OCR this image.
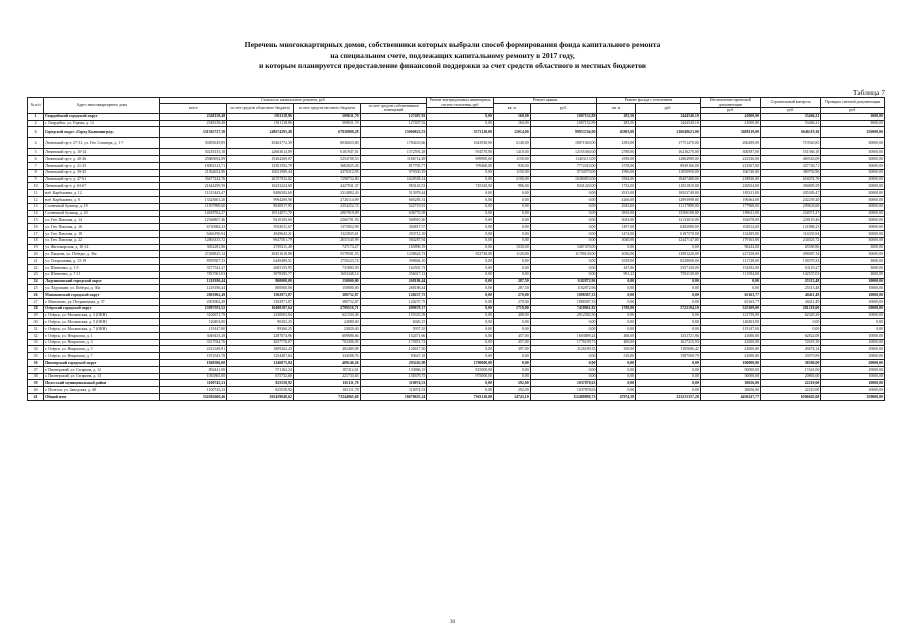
Перечень многоквартирных домов, собственники которых выбрали способ формирования фонда капитального ремонта
на специальном счете, подлежащих капитальному ремонту в 2017 году,
и которым планируется предоставление финансовой поддержки за счет средств областного и местных бюджетов
Таблица 7
№ п/п	Адрес многоквартирного дома	Стоимость капитального ремонта, руб.				Ремонт внутридомовых инженерных систем отопления, руб.	Ремонт крыши		Ремонт фасада с утеплением		Изготовление проектной документации	Строительный контроль	Проверка сметной документации
		всего	за счет средств областного бюджета	за счет средств местного бюджета	за счет средств собственников помещений		кв. м	руб.	кв. м	руб.			
											руб.	руб.	руб.
1	Гвардейский городской округ	2548158,48	1911118,86	509631,70	127407,92	0,00	160,00	1007152,89	283,50	1444540,18	41000,00	53466,21	3000,00
2	г. Гвардейск, ул. Горная, д. 12	2548158,48	1911118,86	509631,70	127407,92	0,00	160,00	1007152,89	283,50	1444540,18	41000,00	53466,21	3000,00
3	Городской округ «Город Калининград»	331565727,30	248674295,49	67830808,28	15060623,53	5573120,00	12014,00	99953746,00	45903,08	216048623,00	3688119,00	6046119,30	256000,00
4	Ленинский пр-т, 27-31, ул. Ген. Соммера, д. 1-7	39285029,85	29463772,39	8036823,80	1784433,66	1643930,00	2140,00	18871820,00	2393,00	17751470,00	266289,00	719520,85	30000,00
5	Ленинский пр-т, д. 10-14	30218153,18	22663614,89	6181947,01	1372591,28	954570,00	1410,00	12165360,00	2788,00	16216270,00	300587,00	551366,18	30000,00
6	Ленинский пр-т, д. 20-26	25685692,09	19264269,07	5254708,53	1166714,49	699900,00	1150,00	11403113,00	1838,00	12864980,00	223336,00	469343,09	30000,00
7	Ленинский пр-т, д. 21-25	18002123,71	13501592,78	3682825,26	817705,77	709460,00	930,00	7772210,00	1578,00	8949160,00	213567,00	327726,71	30000,00
8	Ленинский пр-т, д. 39-45	21362652,96	16021989,44	4370312,95	970350,19	0,00	1150,00	9734570,00	1996,00	11050950,00	166740,00	380792,96	30000,00
9	Ленинский пр-т, д. 47-61	35677243,76	26757932,82	7298752,80	1620558,14	0,00	2100,00	16380853,00	3594,00	18407480,00	218836,00	654074,76	20000,00
10	Ленинский пр-т, д. 63-67	21644299,59	16233224,69	4427931,37	983143,53	745320,00	986,00	8431220,00	1732,00	11821810,00	220934,00	394805,59	30000,00
11	наб. Карбышева, д. 12	11515443,47	8486582,60	2314882,43	513978,44	0,00	0,00	0,00	2913,00	10923749,00	183311,00	205383,47	30000,00
12	наб. Карбышева, д. 8	13325601,20	9994200,90	2726114,99	605285,31	0,00	0,00	0,00	4266,00	12893998,00	196364,00	242239,20	30000,00
13	Солнечный бульвар, д. 18	11507890,60	8630917,95	2354252,74	522719,91	0,00	0,00	0,00	2943,00	11117889,00	177968,00	209633,60	30000,00
14	Солнечный бульвар, д. 20	14018762,27	10514071,70	2867919,99	636770,58	0,00	0,00	0,00	3816,00	13560180,00	199611,00	254971,27	30000,00
15	ул. Ген. Павлова, д. 14	12546807,46	9410105,60	2566791,50	569910,36	0,00	0,00	0,00	3043,00	12133010,00	182678,00	228119,46	30000,00
16	ул. Ген. Павлова, д. 16	6710682,23	5033011,67	1372852,99	304817,57	0,00	0,00	0,00	1497,00	6482080,00	102914,00	121888,23	30000,00
17	ул. Ген. Павлова, д. 18	6466190,94	4849643,21	1322835,61	293712,10	0,00	0,00	0,00	1474,00	6187570,00	132285,00	116335,94	30000,00
18	ул. Ген. Павлова, д. 22	12863335,72	9647501,79	2631545,99	584287,94	0,00	0,00	0,00	3040,00	12447147,00	179163,00	234025,72	30000,00
19	ул. Житомирская, д. 10-14	3652281,86	2739211,40	747174,27	165896,19	0,00	1030,00	3487470,00	0,00	0,00	96244,00	65569,86	3000,00
20	ул. Пацаева, ул. Победы, д. 36а	27268825,14	20451618,86	5578581,55	1238624,73	822730,00	1120,00	11709130,00	2036,00	13981220,00	227258,00	498487,14	30000,00
21	ул. Театральная, д. 13-19	8599307,33	6449480,51	1759223,74	390604,10	0,00	0,00	0,00	3529,00	8328000,00	111728,00	156579,33	3000,00
22	ул. Шевченко, д. 1-5	3577541,27	2683155,95	731883,59	162501,73	0,00	0,00	0,00	447,86	3357130,00	154292,00	63119,27	3000,00
23	ул. Шевченко, д. 7-11	7837961,03	5878395,77	1603448,14	356017,12	0,00	0,00	0,00	991,22	7581130,00	111594,00	142537,03	3000,00
24	Ладушкинский городской округ	1218186,44	800000,00	150000,00	268186,44	0,00	287,50	1182872,96	0,00	0,00	0,00	25313,48	10000,00
25	ул. Ладушкин, ул. Победы, д. 36а	1218186,44	800000,00	150000,00	268186,44	0,00	287,50	1182872,96	0,00	0,00	0,00	25313,48	10000,00
26	Мамоновский городской округ	2003962,49	1502971,87	380752,87	120237,75	0,00	270,00	1888387,33	0,00	0,00	65163,77	40411,49	10000,00
27	г. Мамоново, ул. Пограничная, д. 37	2003962,49	1502971,87	380752,87	120237,75	0,00	270,00	1888387,33	0,00	0,00	65163,77	40411,49	10000,00
28	Озёрский городской округ	13997583,52	10498187,64	2799516,71	699879,17	0,00	1719,00	7418861,82	1788,00	5722194,10	525309,00	281218,60	50000,00
29	г. Озёрск, ул. Московская, д. 3 (ОКН)	3106671,79	2330003,84	621334,36	155333,59	0,00	408,00	2912582,50	0,00	0,00	121759,00	62329,29	10000,00
30	г. Озёрск, ул. Московская, д. 5 (ОКН)	120403,00	90302,25	24080,60	6020,15	0,00	0,00	0,00	0,00	0,00	120403,00	0,00	0,00
31	г. Озёрск, ул. Московская, д. 7 (ОКН)	119147,00	89360,25	23829,40	5957,35	0,00	0,00	0,00	0,00	0,00	119147,00	0,00	0,00
32	г. Озёрск, ул. Некрасова, д. 1	3049433,28	2287074,96	609886,66	152471,66	0,00	457,00	1603889,24	468,00	1331721,96	41000,00	62822,08	10000,00
33	г. Озёрск, ул. Некрасова, д. 3	3517034,76	2637776,07	703406,95	175851,74	0,00	457,00	1776199,73	460,00	1617215,93	41000,00	72619,10	10000,00
34	г. Озёрск, ул. Некрасова, д. 5	2412349,91	1809262,43	482469,98	120617,50	0,00	397,00	1126189,35	350,00	1185686,42	41000,00	49474,14	10000,00
35	г. Озёрск, ул. Некрасова, д. 7	1672543,78	1254407,84	334508,76	83627,18	0,00	0,00	0,00	510,00	1587569,79	41000,00	33973,99	10000,00
36	Пионерский городской округ	1948306,00	1246075,84	409146,26	293245,90	1790000,00	0,00	0,00	0,00	0,00	100000,00	38306,00	20000,00
37	г. Пионерский, ул. Гагарина, д. 12	892441,00	571162,24	187412,61	133866,15	815000,00	0,00	0,00	0,00	0,00	50000,00	17441,00	10000,00
38	г. Пионерский, ул. Гагарина, д. 13	1055865,00	675752,60	221733,65	158379,75	975000,00	0,00	0,00	0,00	0,00	50000,00	20865,00	10000,00
39	Полесский муниципальный район	1100745,23	825558,92	165111,78	110074,53	0,00	292,00	1037878,63	0,00	0,00	30656,00	22210,60	10000,00
40	г. Полесск, ул. Заводская, д. 48	1100745,23	825558,92	165111,78	110074,53	0,00	292,00	1037878,63	0,00	0,00	30656,00	22210,60	10000,00
41	Общий итог	354382669,46	265459048,62	73244965,60	16678655,24	7363120,00	14743,10	112488898,73	47974,58	223215357,28	4450247,77	6506045,68	359000,00
30
